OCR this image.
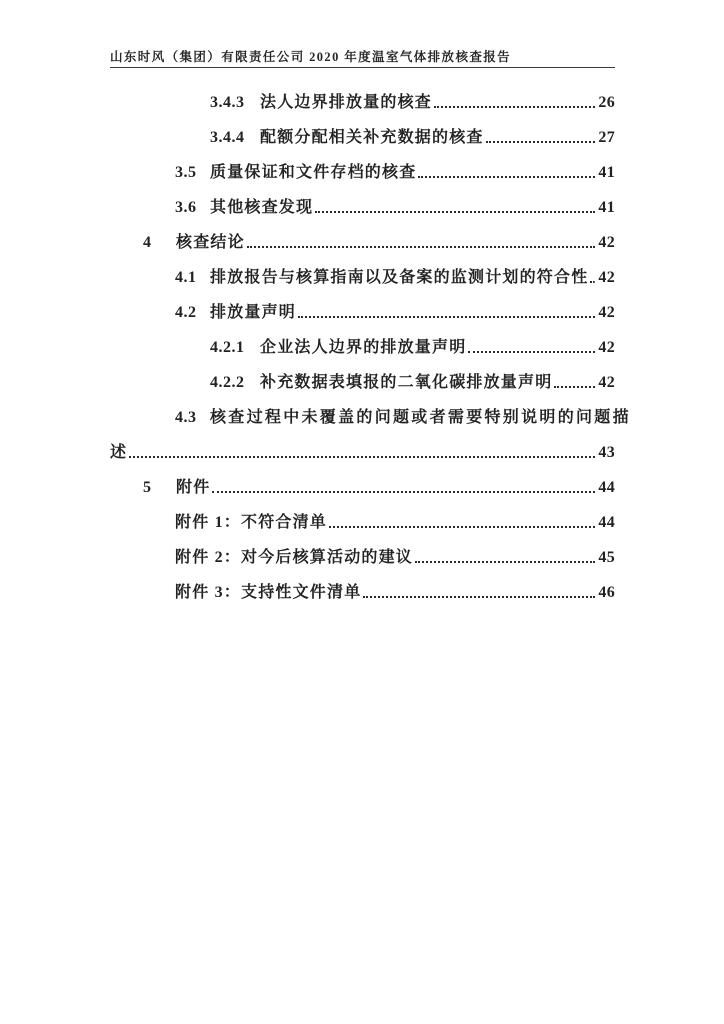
山东时风（集团）有限责任公司 2020 年度温室气体排放核查报告
3.4.3 法人边界排放量的核查	26
3.4.4 配额分配相关补充数据的核查	27
3.5 质量保证和文件存档的核查	41
3.6 其他核查发现	41
4	核查结论	42
4.1 排放报告与核算指南以及备案的监测计划的符合性 42
4.2 排放量声明	42
4.2.1 企业法人边界的排放量声明	42
4.2.2 补充数据表填报的二氧化碳排放量声明	42
4.3 核查过程中未覆盖的问题或者需要特别说明的问题描
述	43
5	附件	44
附件 1：不符合清单	44
附件 2：对今后核算活动的建议	45
附件 3：支持性文件清单	46
